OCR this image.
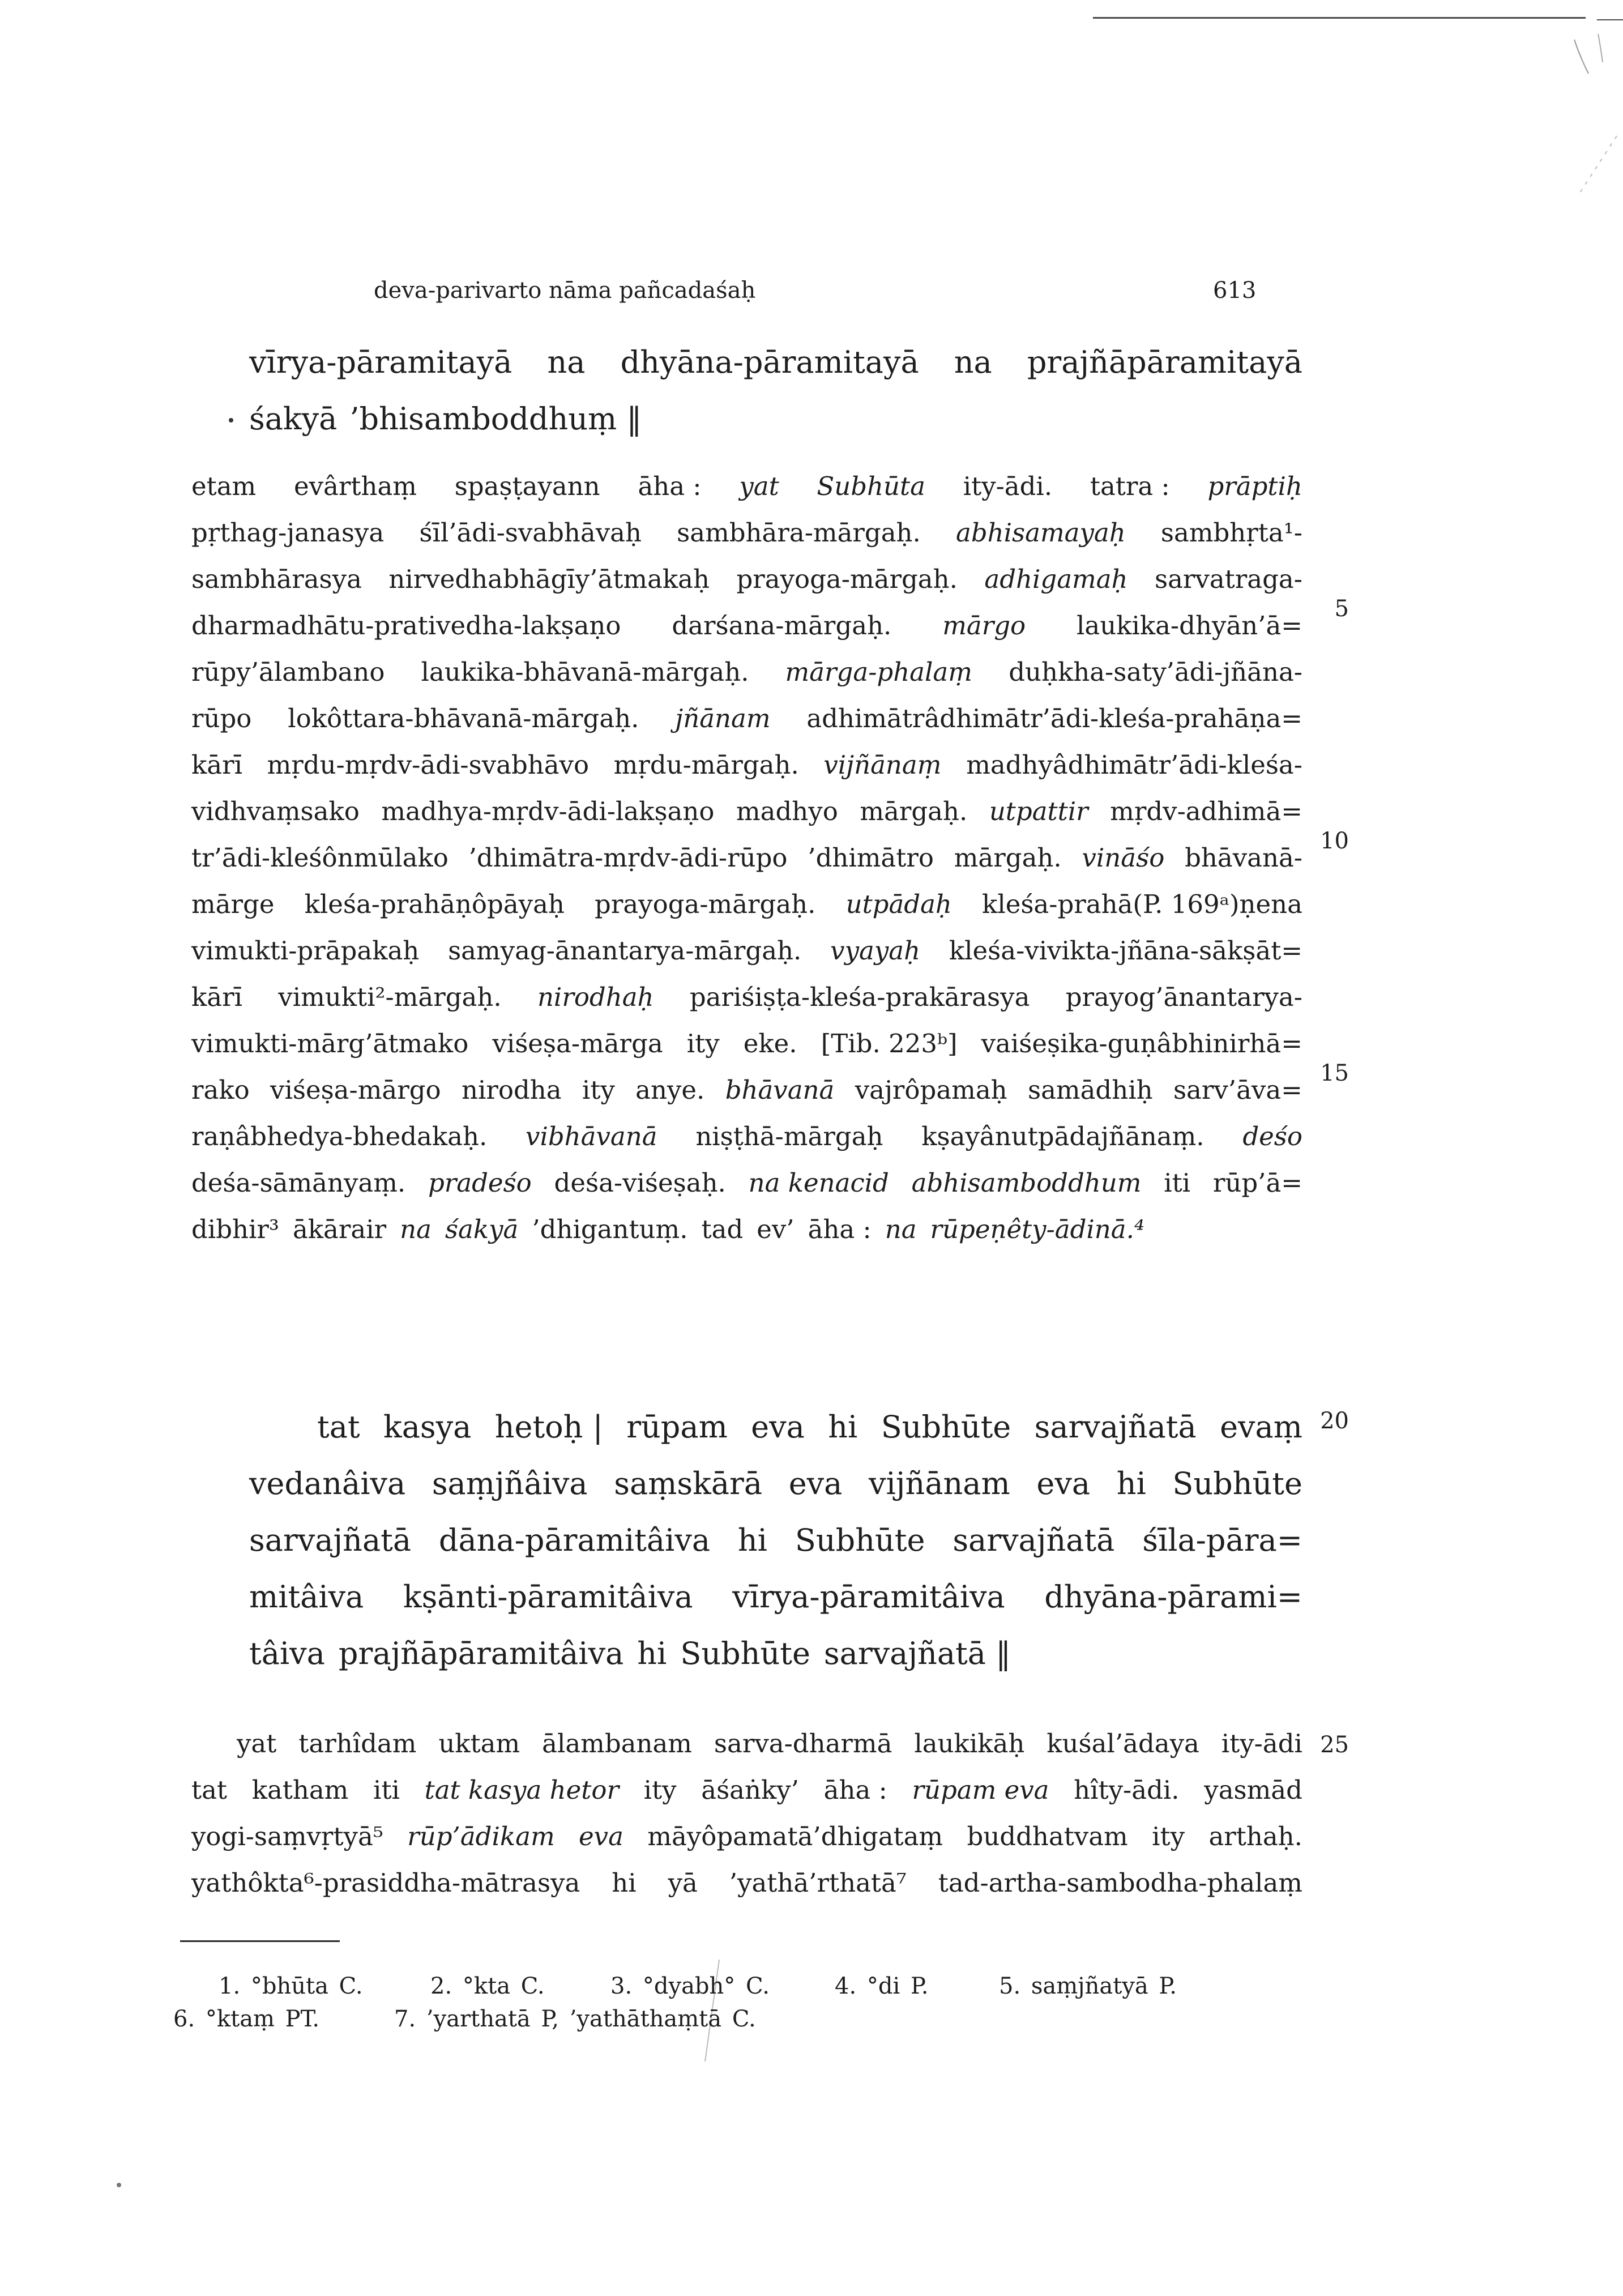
deva-parivarto nāma pañcadaśaḥ	613
vīrya-pāramitayā na dhyāna-pāramitayā na prajñāpāramitayā
śakyā ’bhisamboddhuṃ ‖
etam evârthaṃ spaṣṭayann āha : yat Subhūta ity-ādi. tatra : prāptiḥ
pṛthag-janasya śīl’ādi-svabhāvaḥ sambhāra-mārgaḥ. abhisamayaḥ sambhṛta¹-
sambhārasya nirvedhabhāgīy’ātmakaḥ prayoga-mārgaḥ. adhigamaḥ sarvatraga-
dharmadhātu-prativedha-lakṣaṇo darśana-mārgaḥ. mārgo laukika-dhyān’ā=
rūpy’ālambano laukika-bhāvanā-mārgaḥ. mārga-phalaṃ duḥkha-saty’ādi-jñāna-
rūpo lokôttara-bhāvanā-mārgaḥ. jñānam adhimātrâdhimātr’ādi-kleśa-prahāṇa=
kārī mṛdu-mṛdv-ādi-svabhāvo mṛdu-mārgaḥ. vijñānaṃ madhyâdhimātr’ādi-kleśa-
vidhvaṃsako madhya-mṛdv-ādi-lakṣaṇo madhyo mārgaḥ. utpattir mṛdv-adhimā=
tr’ādi-kleśônmūlako ’dhimātra-mṛdv-ādi-rūpo ’dhimātro mārgaḥ. vināśo bhāvanā-
mārge kleśa-prahāṇôpāyaḥ prayoga-mārgaḥ. utpādaḥ kleśa-prahā(P. 169ᵃ)ṇena
vimukti-prāpakaḥ samyag-ānantarya-mārgaḥ. vyayaḥ kleśa-vivikta-jñāna-sākṣāt=
kārī vimukti²-mārgaḥ. nirodhaḥ pariśiṣṭa-kleśa-prakārasya prayog’ānantarya-
vimukti-mārg’ātmako viśeṣa-mārga ity eke. [Tib. 223ᵇ] vaiśeṣika-guṇâbhinirhā=
rako viśeṣa-mārgo nirodha ity anye. bhāvanā vajrôpamaḥ samādhiḥ sarv’āva=
raṇâbhedya-bhedakaḥ. vibhāvanā niṣṭhā-mārgaḥ kṣayânutpādajñānaṃ. deśo
deśa-sāmānyaṃ. pradeśo deśa-viśeṣaḥ. na kenacid abhisamboddhum iti rūp’ā=
dibhir³ ākārair na śakyā ’dhigantuṃ. tad ev’ āha : na rūpeṇêty-ādinā.⁴
tat kasya hetoḥ | rūpam eva hi Subhūte sarvajñatā evaṃ
vedanâiva saṃjñâiva saṃskārā eva vijñānam eva hi Subhūte
sarvajñatā dāna-pāramitâiva hi Subhūte sarvajñatā śīla-pāra=
mitâiva kṣānti-pāramitâiva vīrya-pāramitâiva dhyāna-pārami=
tâiva prajñāpāramitâiva hi Subhūte sarvajñatā ‖
yat tarhîdam uktam ālambanam sarva-dharmā laukikāḥ kuśal’ādaya ity-ādi
tat katham iti tat kasya hetor ity āśaṅky’ āha : rūpam eva hîty-ādi. yasmād
yogi-saṃvṛtyā⁵ rūp’ādikam eva māyôpamatā’dhigataṃ buddhatvam ity arthaḥ.
yathôkta⁶-prasiddha-mātrasya hi yā ’yathā’rthatā⁷ tad-artha-sambodha-phalaṃ
5
10
15
20
25
1. °bhūta C.	2. °kta C.	3. °dyabh° C.	4. °di P.	5. saṃjñatyā P.
6. °ktaṃ PT.	7. ’yarthatā P, ’yathāthaṃtā C.
